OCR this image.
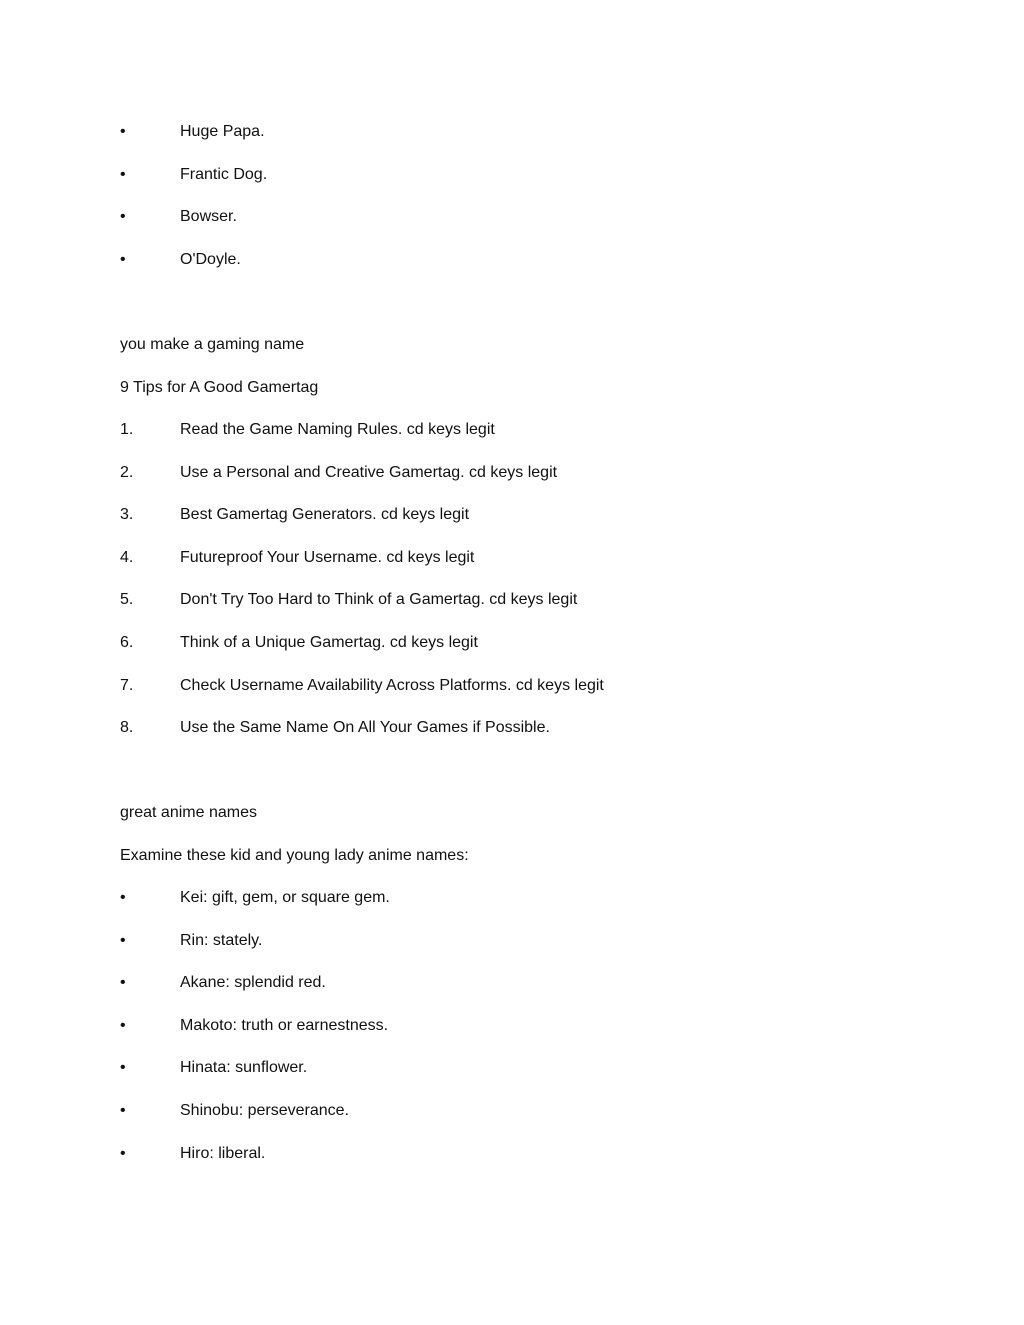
•	Huge Papa.
•	Frantic Dog.
•	Bowser.
•	O'Doyle.
you make a gaming name
9 Tips for A Good Gamertag
1.	Read the Game Naming Rules. cd keys legit
2.	Use a Personal and Creative Gamertag. cd keys legit
3.	Best Gamertag Generators. cd keys legit
4.	Futureproof Your Username. cd keys legit
5.	Don't Try Too Hard to Think of a Gamertag. cd keys legit
6.	Think of a Unique Gamertag. cd keys legit
7.	Check Username Availability Across Platforms. cd keys legit
8.	Use the Same Name On All Your Games if Possible.
great anime names
Examine these kid and young lady anime names:
•	Kei: gift, gem, or square gem.
•	Rin: stately.
•	Akane: splendid red.
•	Makoto: truth or earnestness.
•	Hinata: sunflower.
•	Shinobu: perseverance.
•	Hiro: liberal.
